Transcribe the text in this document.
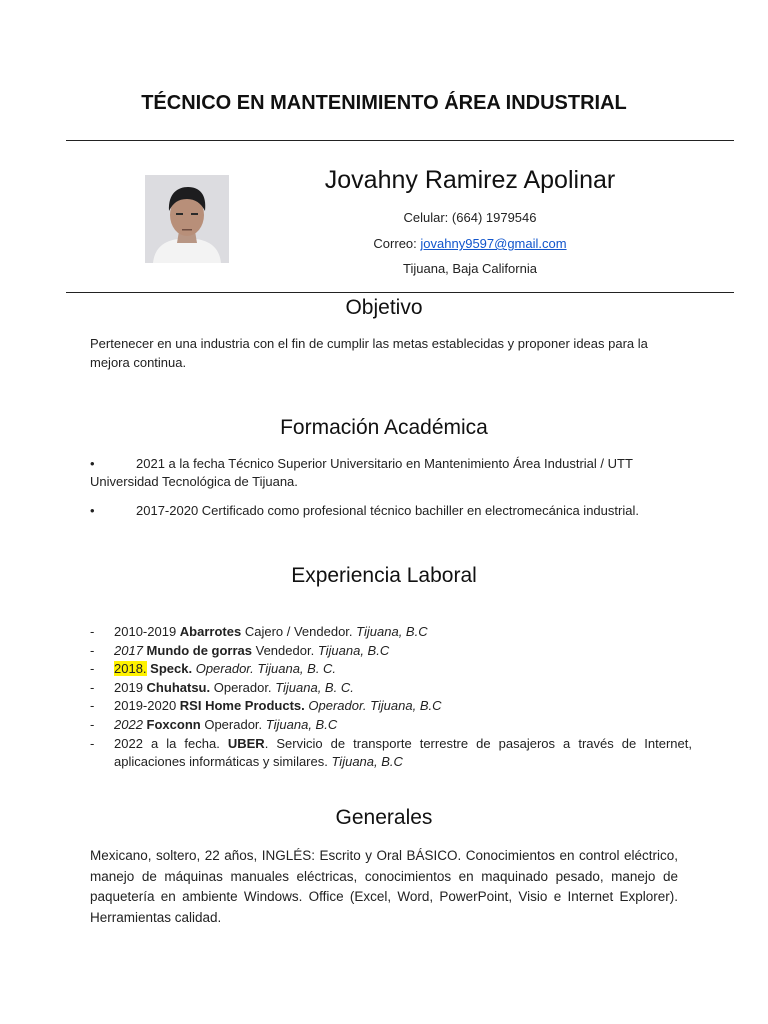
TÉCNICO EN MANTENIMIENTO ÁREA INDUSTRIAL
Jovahny Ramirez Apolinar
Celular: (664) 1979546
Correo: jovahny9597@gmail.com
Tijuana, Baja California
Objetivo
Pertenecer en una industria con el fin de cumplir las metas establecidas y proponer ideas para la mejora continua.
Formación Académica
•	2021 a la fecha Técnico Superior Universitario en Mantenimiento Área Industrial / UTT Universidad Tecnológica de Tijuana.
•	2017-2020 Certificado como profesional técnico bachiller en electromecánica industrial.
Experiencia Laboral
- 2010-2019 Abarrotes Cajero / Vendedor. Tijuana, B.C
- 2017 Mundo de gorras Vendedor. Tijuana, B.C
- 2018. Speck. Operador. Tijuana, B. C.
- 2019 Chuhatsu. Operador. Tijuana, B. C.
- 2019-2020 RSI Home Products. Operador. Tijuana, B.C
- 2022 Foxconn Operador. Tijuana, B.C
- 2022 a la fecha. UBER. Servicio de transporte terrestre de pasajeros a través de Internet, aplicaciones informáticas y similares. Tijuana, B.C
Generales
Mexicano, soltero, 22 años, INGLÉS: Escrito y Oral BÁSICO. Conocimientos en control eléctrico, manejo de máquinas manuales eléctricas, conocimientos en maquinado pesado, manejo de paquetería en ambiente Windows. Office (Excel, Word, PowerPoint, Visio e Internet Explorer). Herramientas calidad.
